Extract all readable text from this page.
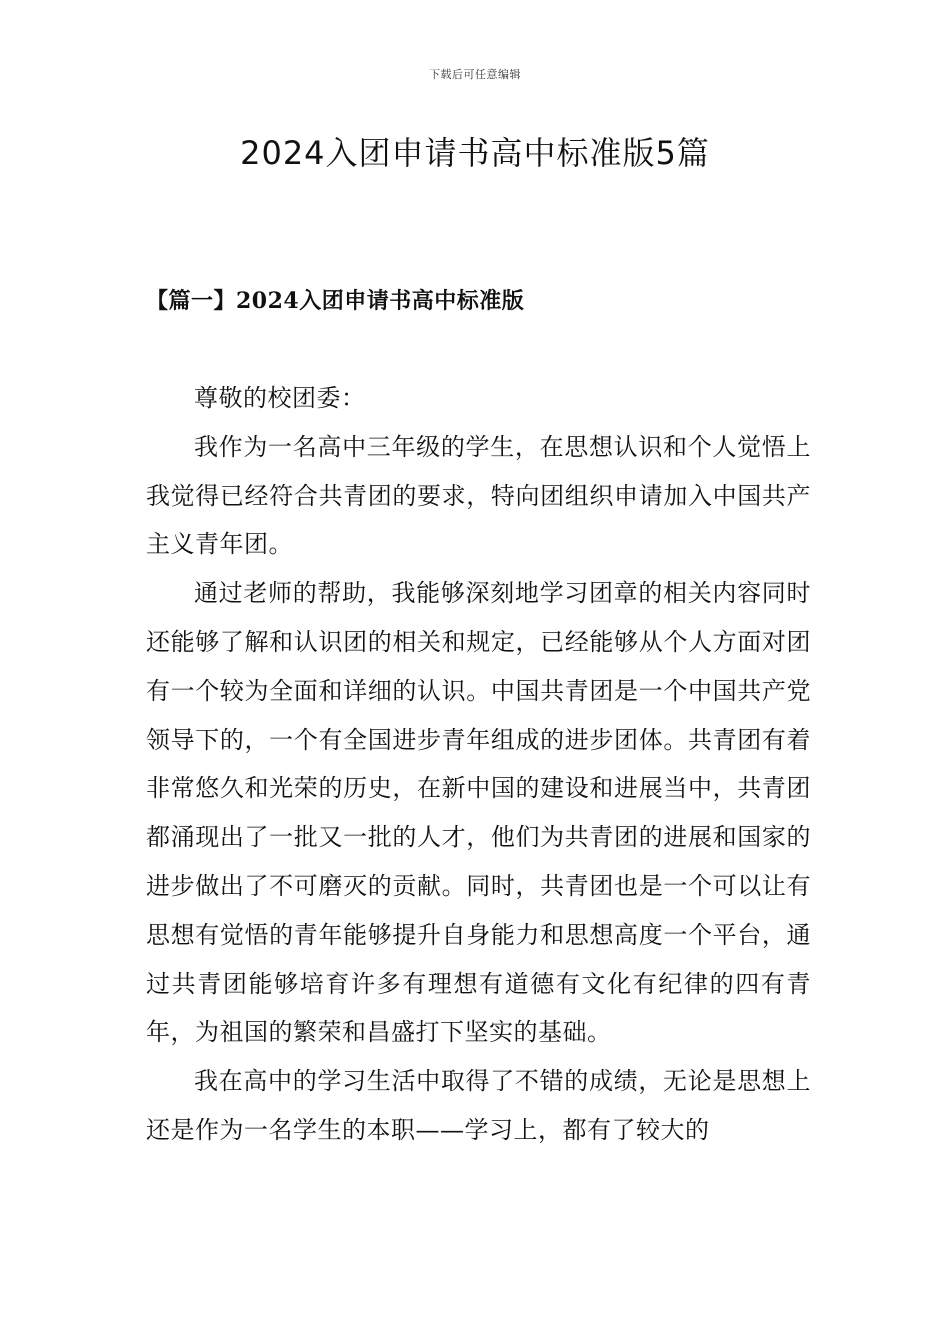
下载后可任意编辑
2024入团申请书高中标准版5篇
【篇一】2024入团申请书高中标准版

尊敬的校团委：

我作为一名高中三年级的学生，在思想认识和个人觉悟上我觉得已经符合共青团的要求，特向团组织申请加入中国共产主义青年团。

通过老师的帮助，我能够深刻地学习团章的相关内容同时还能够了解和认识团的相关和规定，已经能够从个人方面对团有一个较为全面和详细的认识。中国共青团是一个中国共产党领导下的，一个有全国进步青年组成的进步团体。共青团有着非常悠久和光荣的历史，在新中国的建设和进展当中，共青团都涌现出了一批又一批的人才，他们为共青团的进展和国家的进步做出了不可磨灭的贡献。同时，共青团也是一个可以让有思想有觉悟的青年能够提升自身能力和思想高度一个平台，通过共青团能够培育许多有理想有道德有文化有纪律的四有青年，为祖国的繁荣和昌盛打下坚实的基础。

我在高中的学习生活中取得了不错的成绩，无论是思想上还是作为一名学生的本职——学习上，都有了较大的
